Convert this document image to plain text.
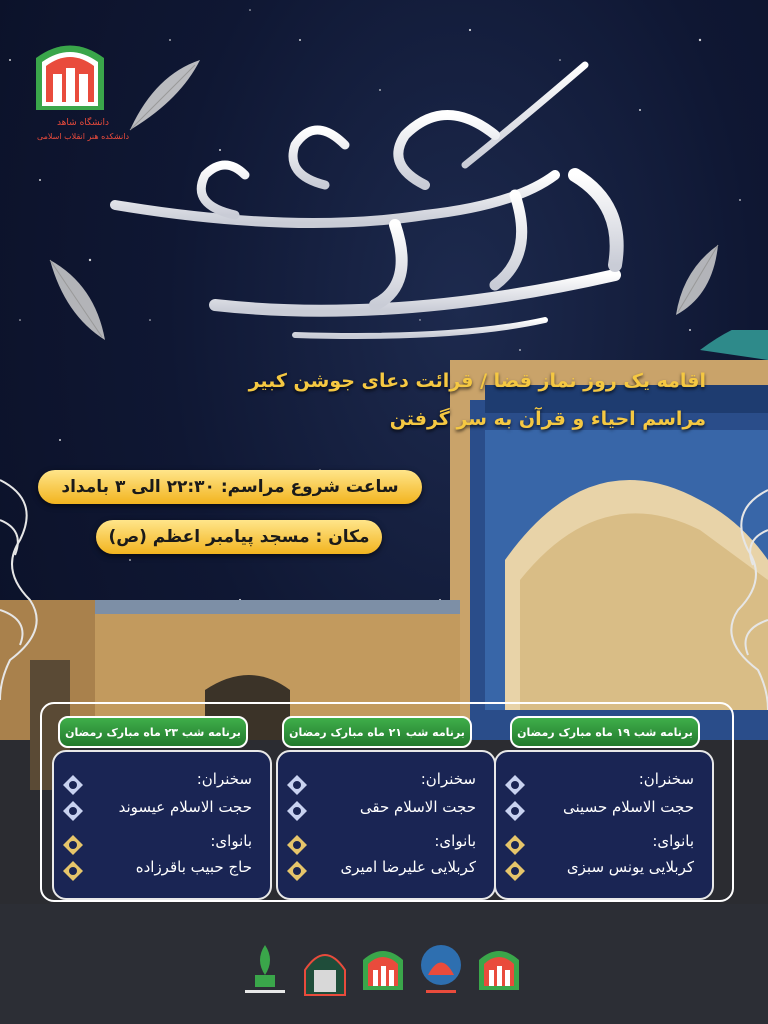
دانشگاه شاهد
دانشکده هنر انقلاب اسلامی
اقامه یک روز نماز قضا / قرائت دعای جوشن کبیر
مراسم احیاء و قرآن به سر گرفتن
ساعت شروع مراسم: ۲۲:۳۰ الی ۳ بامداد
مکان : مسجد پیامبر اعظم (ص)
برنامه شب ۱۹ ماه مبارک رمضان
برنامه شب ۲۱ ماه مبارک رمضان
برنامه شب ۲۳ ماه مبارک رمضان
سخنران:
حجت الاسلام حسینی
بانوای:
کربلایی یونس سبزی
سخنران:
حجت الاسلام حقی
بانوای:
کربلایی علیرضا امیری
سخنران:
حجت الاسلام عیسوند
بانوای:
حاج حبیب باقرزاده
